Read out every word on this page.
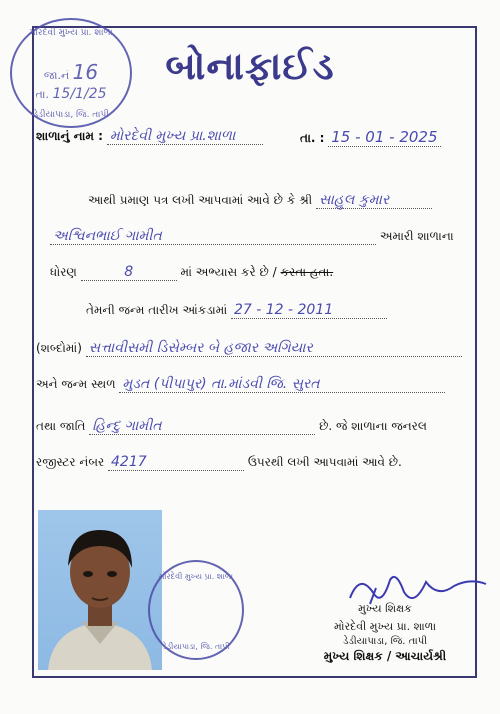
મોરદેવી મુખ્ય પ્રા. શાળા
જા.નં 16
તા. 15/1/25
ડેડીયાપાડા, જિ. તાપી
બોનાફાઈડ
શાળાનું નામ : મોરદેવી મુખ્ય પ્રા.શાળા	તા. : 15 - 01 - 2025
આથી પ્રમાણ પત્ર લખી આપવામાં આવે છે કે શ્રી સાહુલ કુમાર
અશ્વિનભાઈ ગામીત	અમારી શાળાના
ધોરણ	8	માં અભ્યાસ કરે છે / કરતા હતા.
તેમની જન્મ તારીખ આંકડામાં 27 - 12 - 2011
(શબ્દોમાં) સત્તાવીસમી ડિસેમ્બર બે હજાર અગિયાર
અને જન્મ સ્થળ મુડત (પીપાપુર) તા.માંડવી જિ. સુરત
તથા જાતિ હિન્દુ ગામીત	છે. જે શાળાના જનરલ
રજીસ્ટર નંબર 4217	ઉપરથી લખી આપવામાં આવે છે.
મોરદેવી મુખ્ય પ્રા. શાળા
ડેડીયાપાડા, જિ. તાપી
મુખ્ય શિક્ષક
મોરદેવી મુખ્ય પ્રા. શાળા
ડેડીયાપાડા, જિ. તાપી
મુખ્ય શિક્ષક / આચાર્યશ્રી
